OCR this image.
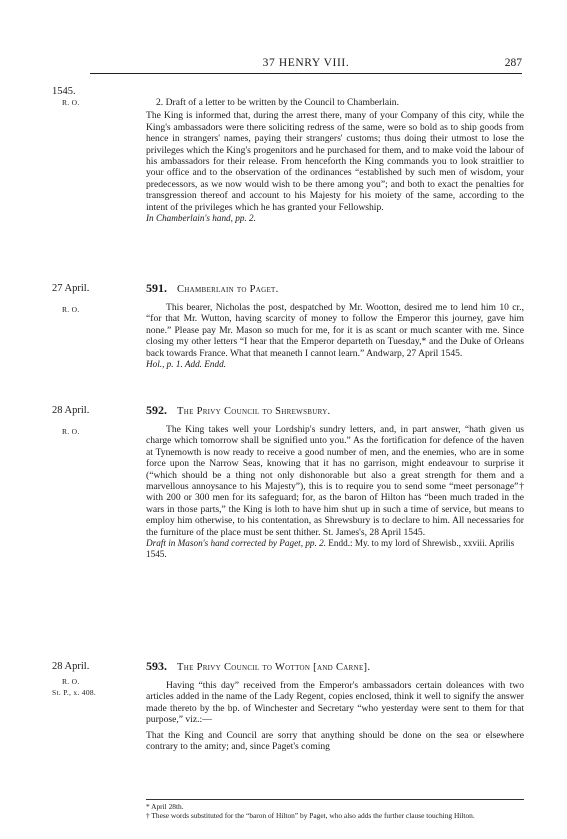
37 HENRY VIII.	287
1545.
R. O.	2. Draft of a letter to be written by the Council to Chamberlain.

The King is informed that, during the arrest there, many of your Company of this city, while the King's ambassadors were there soliciting redress of the same, were so bold as to ship goods from hence in strangers' names, paying their strangers' customs; thus doing their utmost to lose the privileges which the King's progenitors and he purchased for them, and to make void the labour of his ambassadors for their release. From henceforth the King commands you to look straitlier to your office and to the observation of the ordinances “established by such men of wisdom, your predecessors, as we now would wish to be there among you”; and both to exact the penalties for transgression thereof and account to his Majesty for his moiety of the same, according to the intent of the privileges which he has granted your Fellowship.

In Chamberlain's hand, pp. 2.

27 April.
R. O.
591. Chamberlain to Paget.

This bearer, Nicholas the post, despatched by Mr. Wootton, desired me to lend him 10 cr., “for that Mr. Wutton, having scarcity of money to follow the Emperor this journey, gave him none.” Please pay Mr. Mason so much for me, for it is as scant or much scanter with me. Since closing my other letters “I hear that the Emperor departeth on Tuesday,* and the Duke of Orleans back towards France. What that meaneth I cannot learn.” Andwarp, 27 April 1545.

Hol., p. 1. Add. Endd.

28 April.
R. O.
592. The Privy Council to Shrewsbury.

The King takes well your Lordship's sundry letters, and, in part answer, “hath given us charge which tomorrow shall be signified unto you.” As the fortification for defence of the haven at Tynemowth is now ready to receive a good number of men, and the enemies, who are in some force upon the Narrow Seas, knowing that it has no garrison, might endeavour to surprise it (“which should be a thing not only dishonorable but also a great strength for them and a marvellous annoysance to his Majesty”), this is to require you to send some “meet personage”† with 200 or 300 men for its safeguard; for, as the baron of Hilton has “been much traded in the wars in those parts,” the King is loth to have him shut up in such a time of service, but means to employ him otherwise, to his contentation, as Shrewsbury is to declare to him. All necessaries for the furniture of the place must be sent thither. St. James's, 28 April 1545.

Draft in Mason's hand corrected by Paget, pp. 2. Endd.: My. to my lord of Shrewisb., xxviii. Aprilis 1545.

28 April.
R. O.
St. P., x. 408.
593. The Privy Council to Wotton [and Carne].

Having “this day” received from the Emperor's ambassadors certain doleances with two articles added in the name of the Lady Regent, copies enclosed, think it well to signify the answer made thereto by the bp. of Winchester and Secretary “who yesterday were sent to them for that purpose,” viz.:—

That the King and Council are sorry that anything should be done on the sea or elsewhere contrary to the amity; and, since Paget's coming

* April 28th.
† These words substituted for the “baron of Hilton” by Paget, who also adds the further clause touching Hilton.
